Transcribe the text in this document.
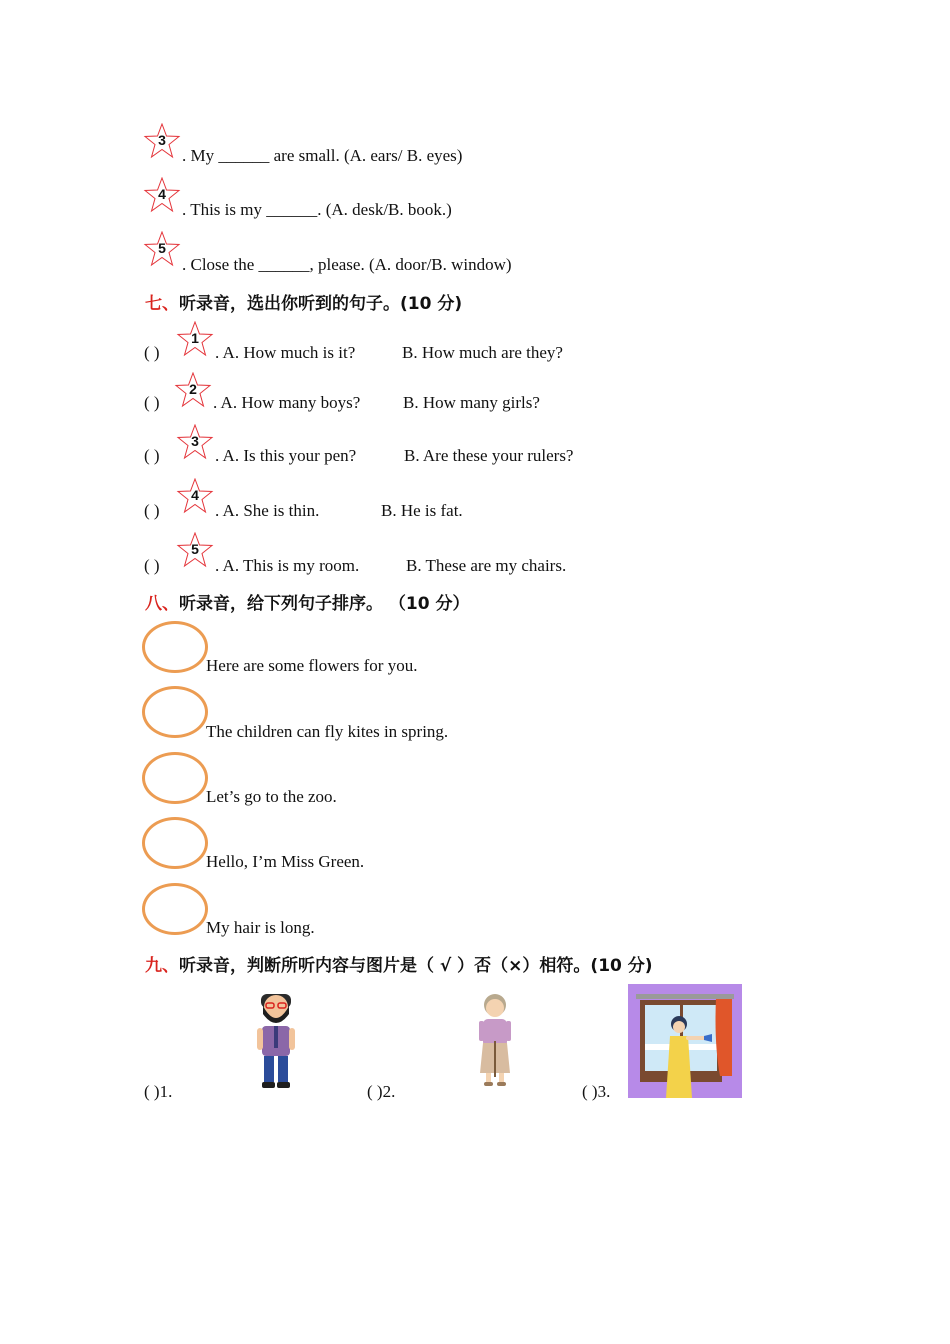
3
. My ______ are small. (A. ears/ B. eyes)
4
. This is my ______. (A. desk/B. book.)
5
. Close the ______, please. (A. door/B. window)
七、听录音，选出你听到的句子。(10 分)
( )
1
. A. How much is it?	B. How much are they?
( )
2
. A. How many boys?	B. How many girls?
( )
3
. A. Is this your pen?	B. Are these your rulers?
( )
4
. A. She is thin.	B. He is fat.
( )
5
. A. This is my room.	B. These are my chairs.
八、听录音，给下列句子排序。 （10 分）
Here are some flowers for you.
The children can fly kites in spring.
Let’s go to the zoo.
Hello, I’m Miss Green.
My hair is long.
九、听录音，判断所听内容与图片是（ √ ）否（×）相符。(10 分)
( )1.	( )2.	( )3.
